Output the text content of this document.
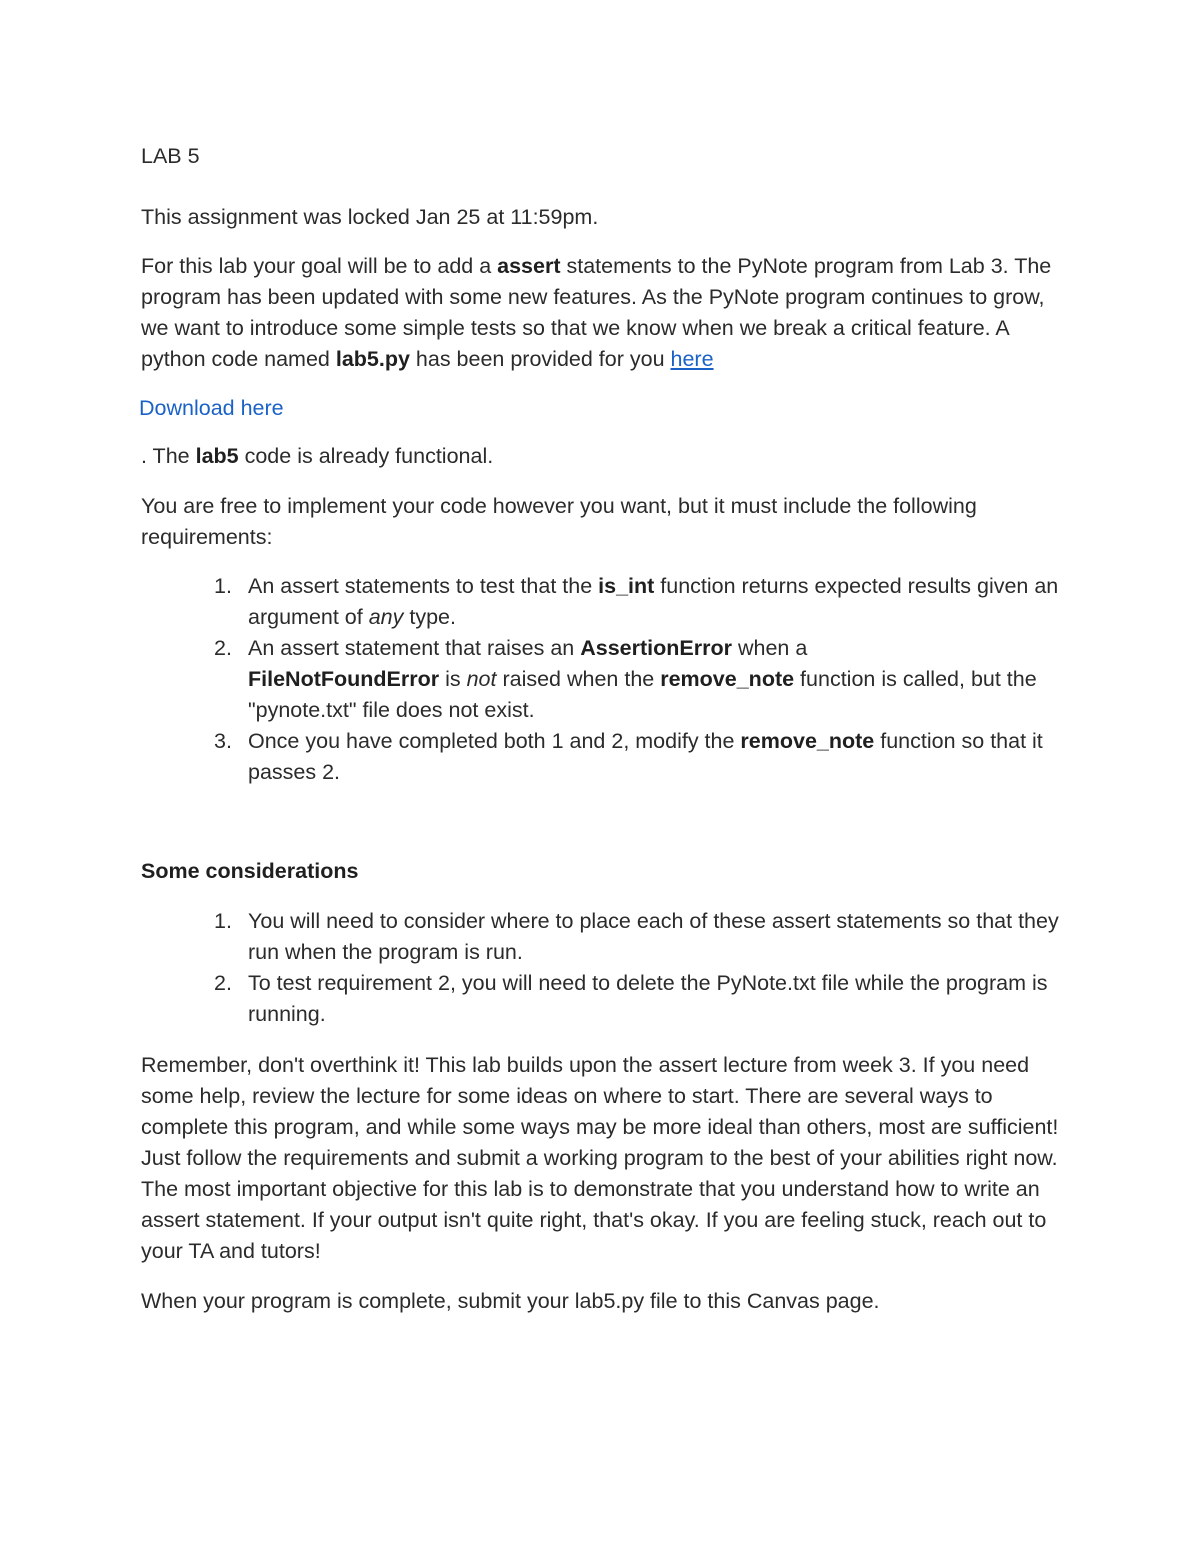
LAB 5

This assignment was locked Jan 25 at 11:59pm.

For this lab your goal will be to add a assert statements to the PyNote program from Lab 3. The program has been updated with some new features. As the PyNote program continues to grow, we want to introduce some simple tests so that we know when we break a critical feature. A python code named lab5.py has been provided for you here

Download here

. The lab5 code is already functional.

You are free to implement your code however you want, but it must include the following requirements:

1. An assert statements to test that the is_int function returns expected results given an argument of any type.
2. An assert statement that raises an AssertionError when a
FileNotFoundError is not raised when the remove_note function is called, but the "pynote.txt" file does not exist.
3. Once you have completed both 1 and 2, modify the remove_note function so that it passes 2.

Some considerations

1. You will need to consider where to place each of these assert statements so that they run when the program is run.
2. To test requirement 2, you will need to delete the PyNote.txt file while the program is running.

Remember, don't overthink it! This lab builds upon the assert lecture from week 3. If you need some help, review the lecture for some ideas on where to start. There are several ways to complete this program, and while some ways may be more ideal than others, most are sufficient! Just follow the requirements and submit a working program to the best of your abilities right now. The most important objective for this lab is to demonstrate that you understand how to write an assert statement. If your output isn't quite right, that's okay. If you are feeling stuck, reach out to your TA and tutors!

When your program is complete, submit your lab5.py file to this Canvas page.
